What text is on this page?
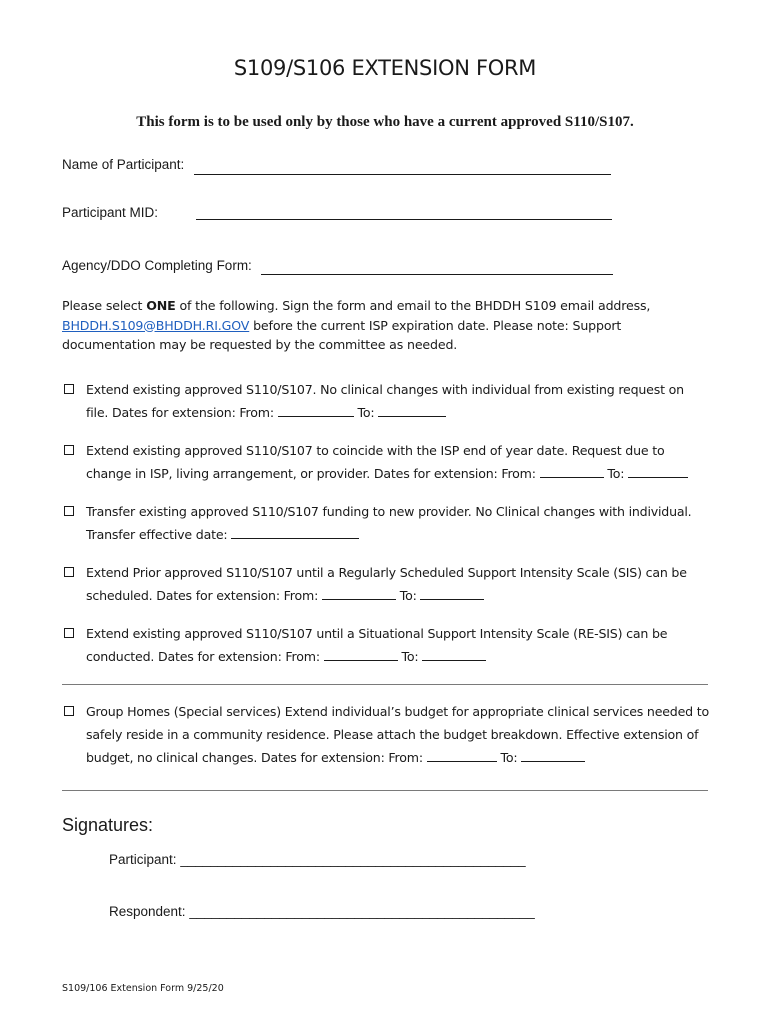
S109/S106 EXTENSION FORM
This form is to be used only by those who have a current approved S110/S107.
Name of Participant:
Participant MID:
Agency/DDO Completing Form:
Please select ONE of the following. Sign the form and email to the BHDDH S109 email address,
BHDDH.S109@BHDDH.RI.GOV before the current ISP expiration date. Please note: Support documentation may be requested by the committee as needed.
Extend existing approved S110/S107. No clinical changes with individual from existing request on
file. Dates for extension: From:	To:
Extend existing approved S110/S107 to coincide with the ISP end of year date. Request due to
change in ISP, living arrangement, or provider. Dates for extension: From:	To:
Transfer existing approved S110/S107 funding to new provider. No Clinical changes with individual.
Transfer effective date:
Extend Prior approved S110/S107 until a Regularly Scheduled Support Intensity Scale (SIS) can be
scheduled. Dates for extension: From:	To:
Extend existing approved S110/S107 until a Situational Support Intensity Scale (RE-SIS) can be
conducted. Dates for extension: From:	To:
Group Homes (Special services) Extend individual’s budget for appropriate clinical services needed to
safely reside in a community residence. Please attach the budget breakdown. Effective extension of
budget, no clinical changes. Dates for extension: From:	To:
Signatures:
Participant: ______________________________________________
Respondent: ______________________________________________
S109/106 Extension Form 9/25/20
